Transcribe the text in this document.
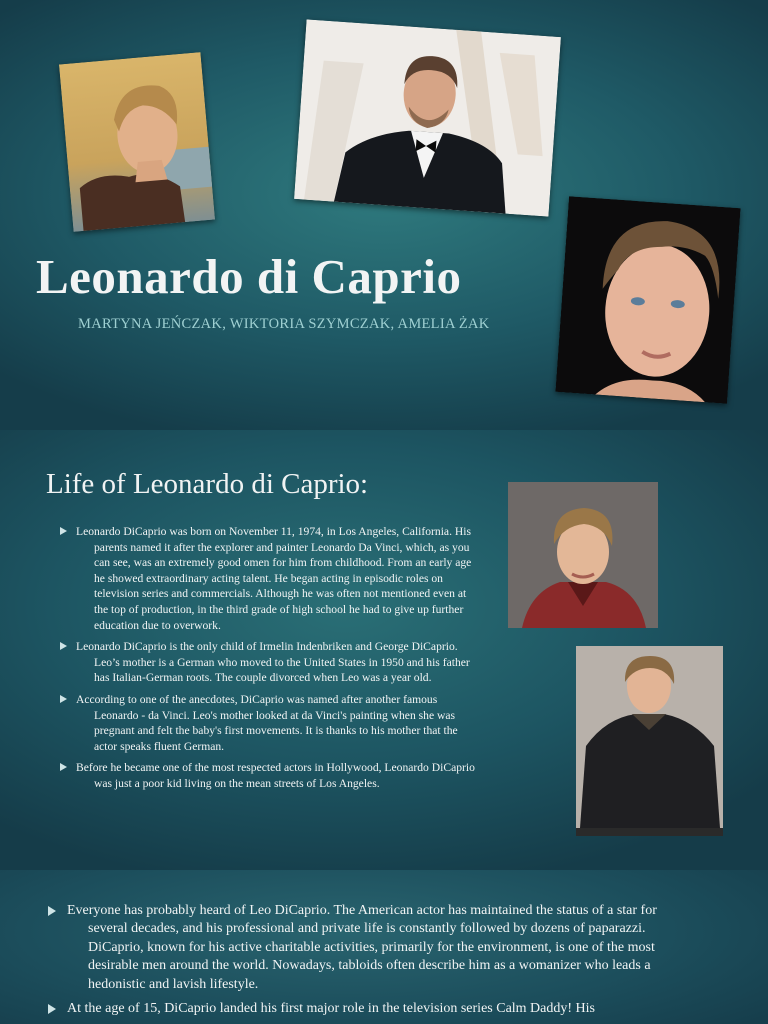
Leonardo di Caprio
MARTYNA JEŃCZAK, WIKTORIA SZYMCZAK, AMELIA ŻAK
Life of Leonardo di Caprio:
Leonardo DiCaprio was born on November 11, 1974, in Los Angeles, California. His parents named it after the explorer and painter Leonardo Da Vinci, which, as you can see, was an extremely good omen for him from childhood. From an early age he showed extraordinary acting talent. He began acting in episodic roles on television series and commercials. Although he was often not mentioned even at the top of production, in the third grade of high school he had to give up further education due to overwork.
Leonardo DiCaprio is the only child of Irmelin Indenbriken and George DiCaprio. Leo’s mother is a German who moved to the United States in 1950 and his father has Italian-German roots. The couple divorced when Leo was a year old.
According to one of the anecdotes, DiCaprio was named after another famous Leonardo - da Vinci. Leo's mother looked at da Vinci's painting when she was pregnant and felt the baby's first movements. It is thanks to his mother that the actor speaks fluent German.
Before he became one of the most respected actors in Hollywood, Leonardo DiCaprio was just a poor kid living on the mean streets of Los Angeles.
Everyone has probably heard of Leo DiCaprio. The American actor has maintained the status of a star for several decades, and his professional and private life is constantly followed by dozens of paparazzi. DiCaprio, known for his active charitable activities, primarily for the environment, is one of the most desirable men around the world. Nowadays, tabloids often describe him as a womanizer who leads a hedonistic and lavish lifestyle.
At the age of 15, DiCaprio landed his first major role in the television series Calm Daddy! His
